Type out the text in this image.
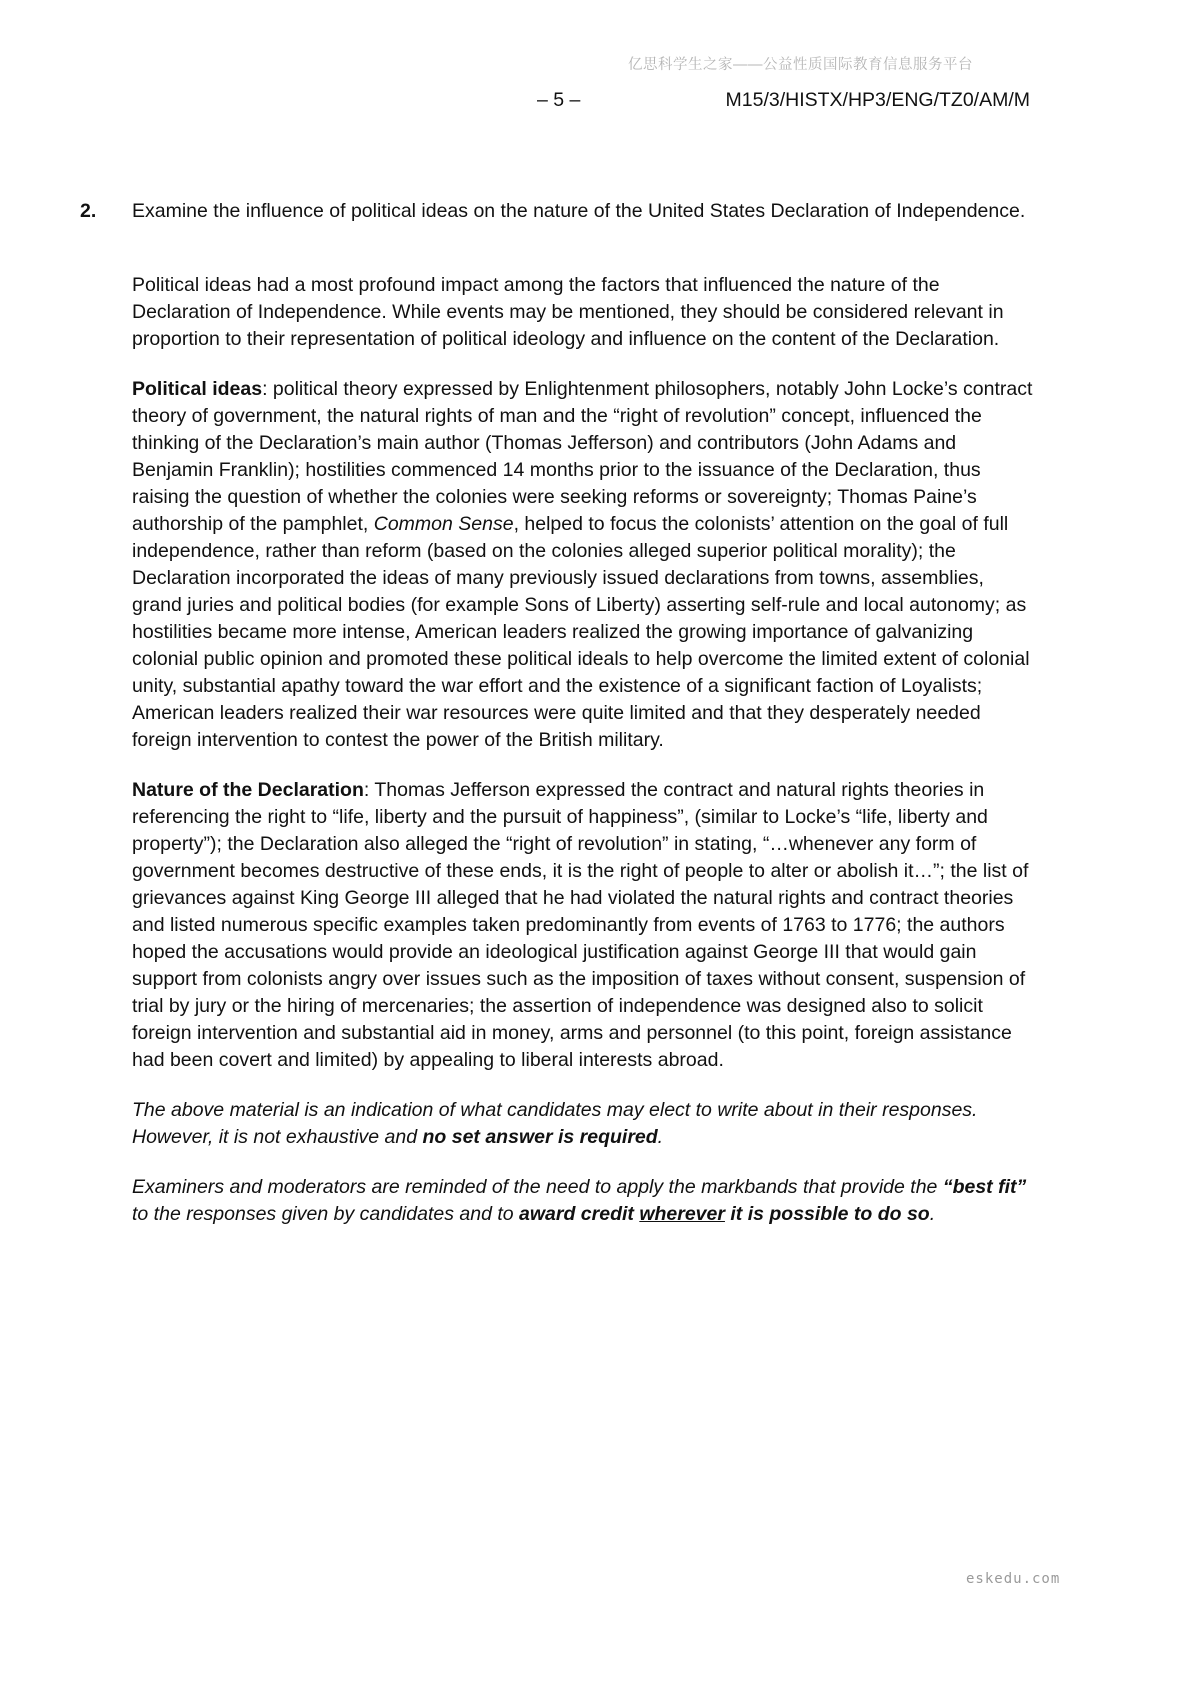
亿思科学生之家——公益性质国际教育信息服务平台
– 5 –	M15/3/HISTX/HP3/ENG/TZ0/AM/M
2.	Examine the influence of political ideas on the nature of the United States Declaration of Independence.

Political ideas had a most profound impact among the factors that influenced the nature of the Declaration of Independence. While events may be mentioned, they should be considered relevant in proportion to their representation of political ideology and influence on the content of the Declaration.

Political ideas: political theory expressed by Enlightenment philosophers, notably John Locke’s contract theory of government, the natural rights of man and the “right of revolution” concept, influenced the thinking of the Declaration’s main author (Thomas Jefferson) and contributors (John Adams and Benjamin Franklin); hostilities commenced 14 months prior to the issuance of the Declaration, thus raising the question of whether the colonies were seeking reforms or sovereignty; Thomas Paine’s authorship of the pamphlet, Common Sense, helped to focus the colonists’ attention on the goal of full independence, rather than reform (based on the colonies alleged superior political morality); the Declaration incorporated the ideas of many previously issued declarations from towns, assemblies, grand juries and political bodies (for example Sons of Liberty) asserting self-rule and local autonomy; as hostilities became more intense, American leaders realized the growing importance of galvanizing colonial public opinion and promoted these political ideals to help overcome the limited extent of colonial unity, substantial apathy toward the war effort and the existence of a significant faction of Loyalists; American leaders realized their war resources were quite limited and that they desperately needed foreign intervention to contest the power of the British military.

Nature of the Declaration: Thomas Jefferson expressed the contract and natural rights theories in referencing the right to “life, liberty and the pursuit of happiness”, (similar to Locke’s “life, liberty and property”); the Declaration also alleged the “right of revolution” in stating, “…whenever any form of government becomes destructive of these ends, it is the right of people to alter or abolish it…”; the list of grievances against King George III alleged that he had violated the natural rights and contract theories and listed numerous specific examples taken predominantly from events of 1763 to 1776; the authors hoped the accusations would provide an ideological justification against George III that would gain support from colonists angry over issues such as the imposition of taxes without consent, suspension of trial by jury or the hiring of mercenaries; the assertion of independence was designed also to solicit foreign intervention and substantial aid in money, arms and personnel (to this point, foreign assistance had been covert and limited) by appealing to liberal interests abroad.

The above material is an indication of what candidates may elect to write about in their responses. However, it is not exhaustive and no set answer is required.

Examiners and moderators are reminded of the need to apply the markbands that provide the “best fit” to the responses given by candidates and to award credit wherever it is possible to do so.

eskedu.com
